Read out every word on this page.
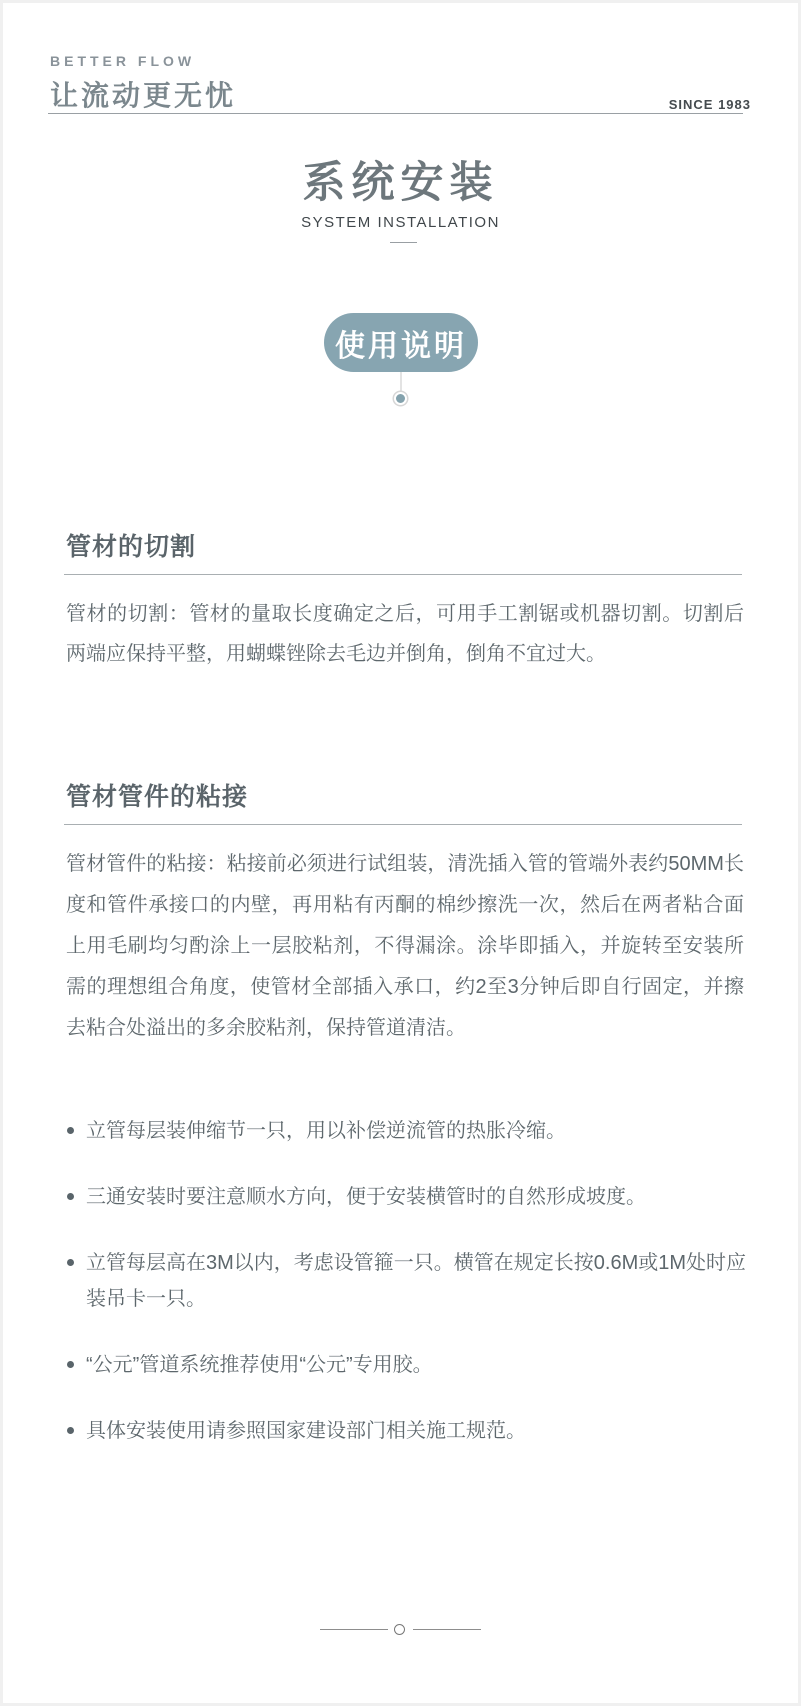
BETTER FLOW
让流动更无忧	SINCE 1983
系统安装
SYSTEM INSTALLATION
使用说明
管材的切割
管材的切割：管材的量取长度确定之后，可用手工割锯或机器切割。切割后两端应保持平整，用蝴蝶锉除去毛边并倒角，倒角不宜过大。
管材管件的粘接
管材管件的粘接：粘接前必须进行试组装，清洗插入管的管端外表约50MM长度和管件承接口的内壁，再用粘有丙酮的棉纱擦洗一次，然后在两者粘合面上用毛刷均匀酌涂上一层胶粘剂，不得漏涂。涂毕即插入，并旋转至安装所需的理想组合角度，使管材全部插入承口，约2至3分钟后即自行固定，并擦去粘合处溢出的多余胶粘剂，保持管道清洁。
立管每层装伸缩节一只，用以补偿逆流管的热胀冷缩。
三通安装时要注意顺水方向，便于安装横管时的自然形成坡度。
立管每层高在3M以内，考虑设管箍一只。横管在规定长按0.6M或1M处时应装吊卡一只。
“公元”管道系统推荐使用“公元”专用胶。
具体安装使用请参照国家建设部门相关施工规范。
